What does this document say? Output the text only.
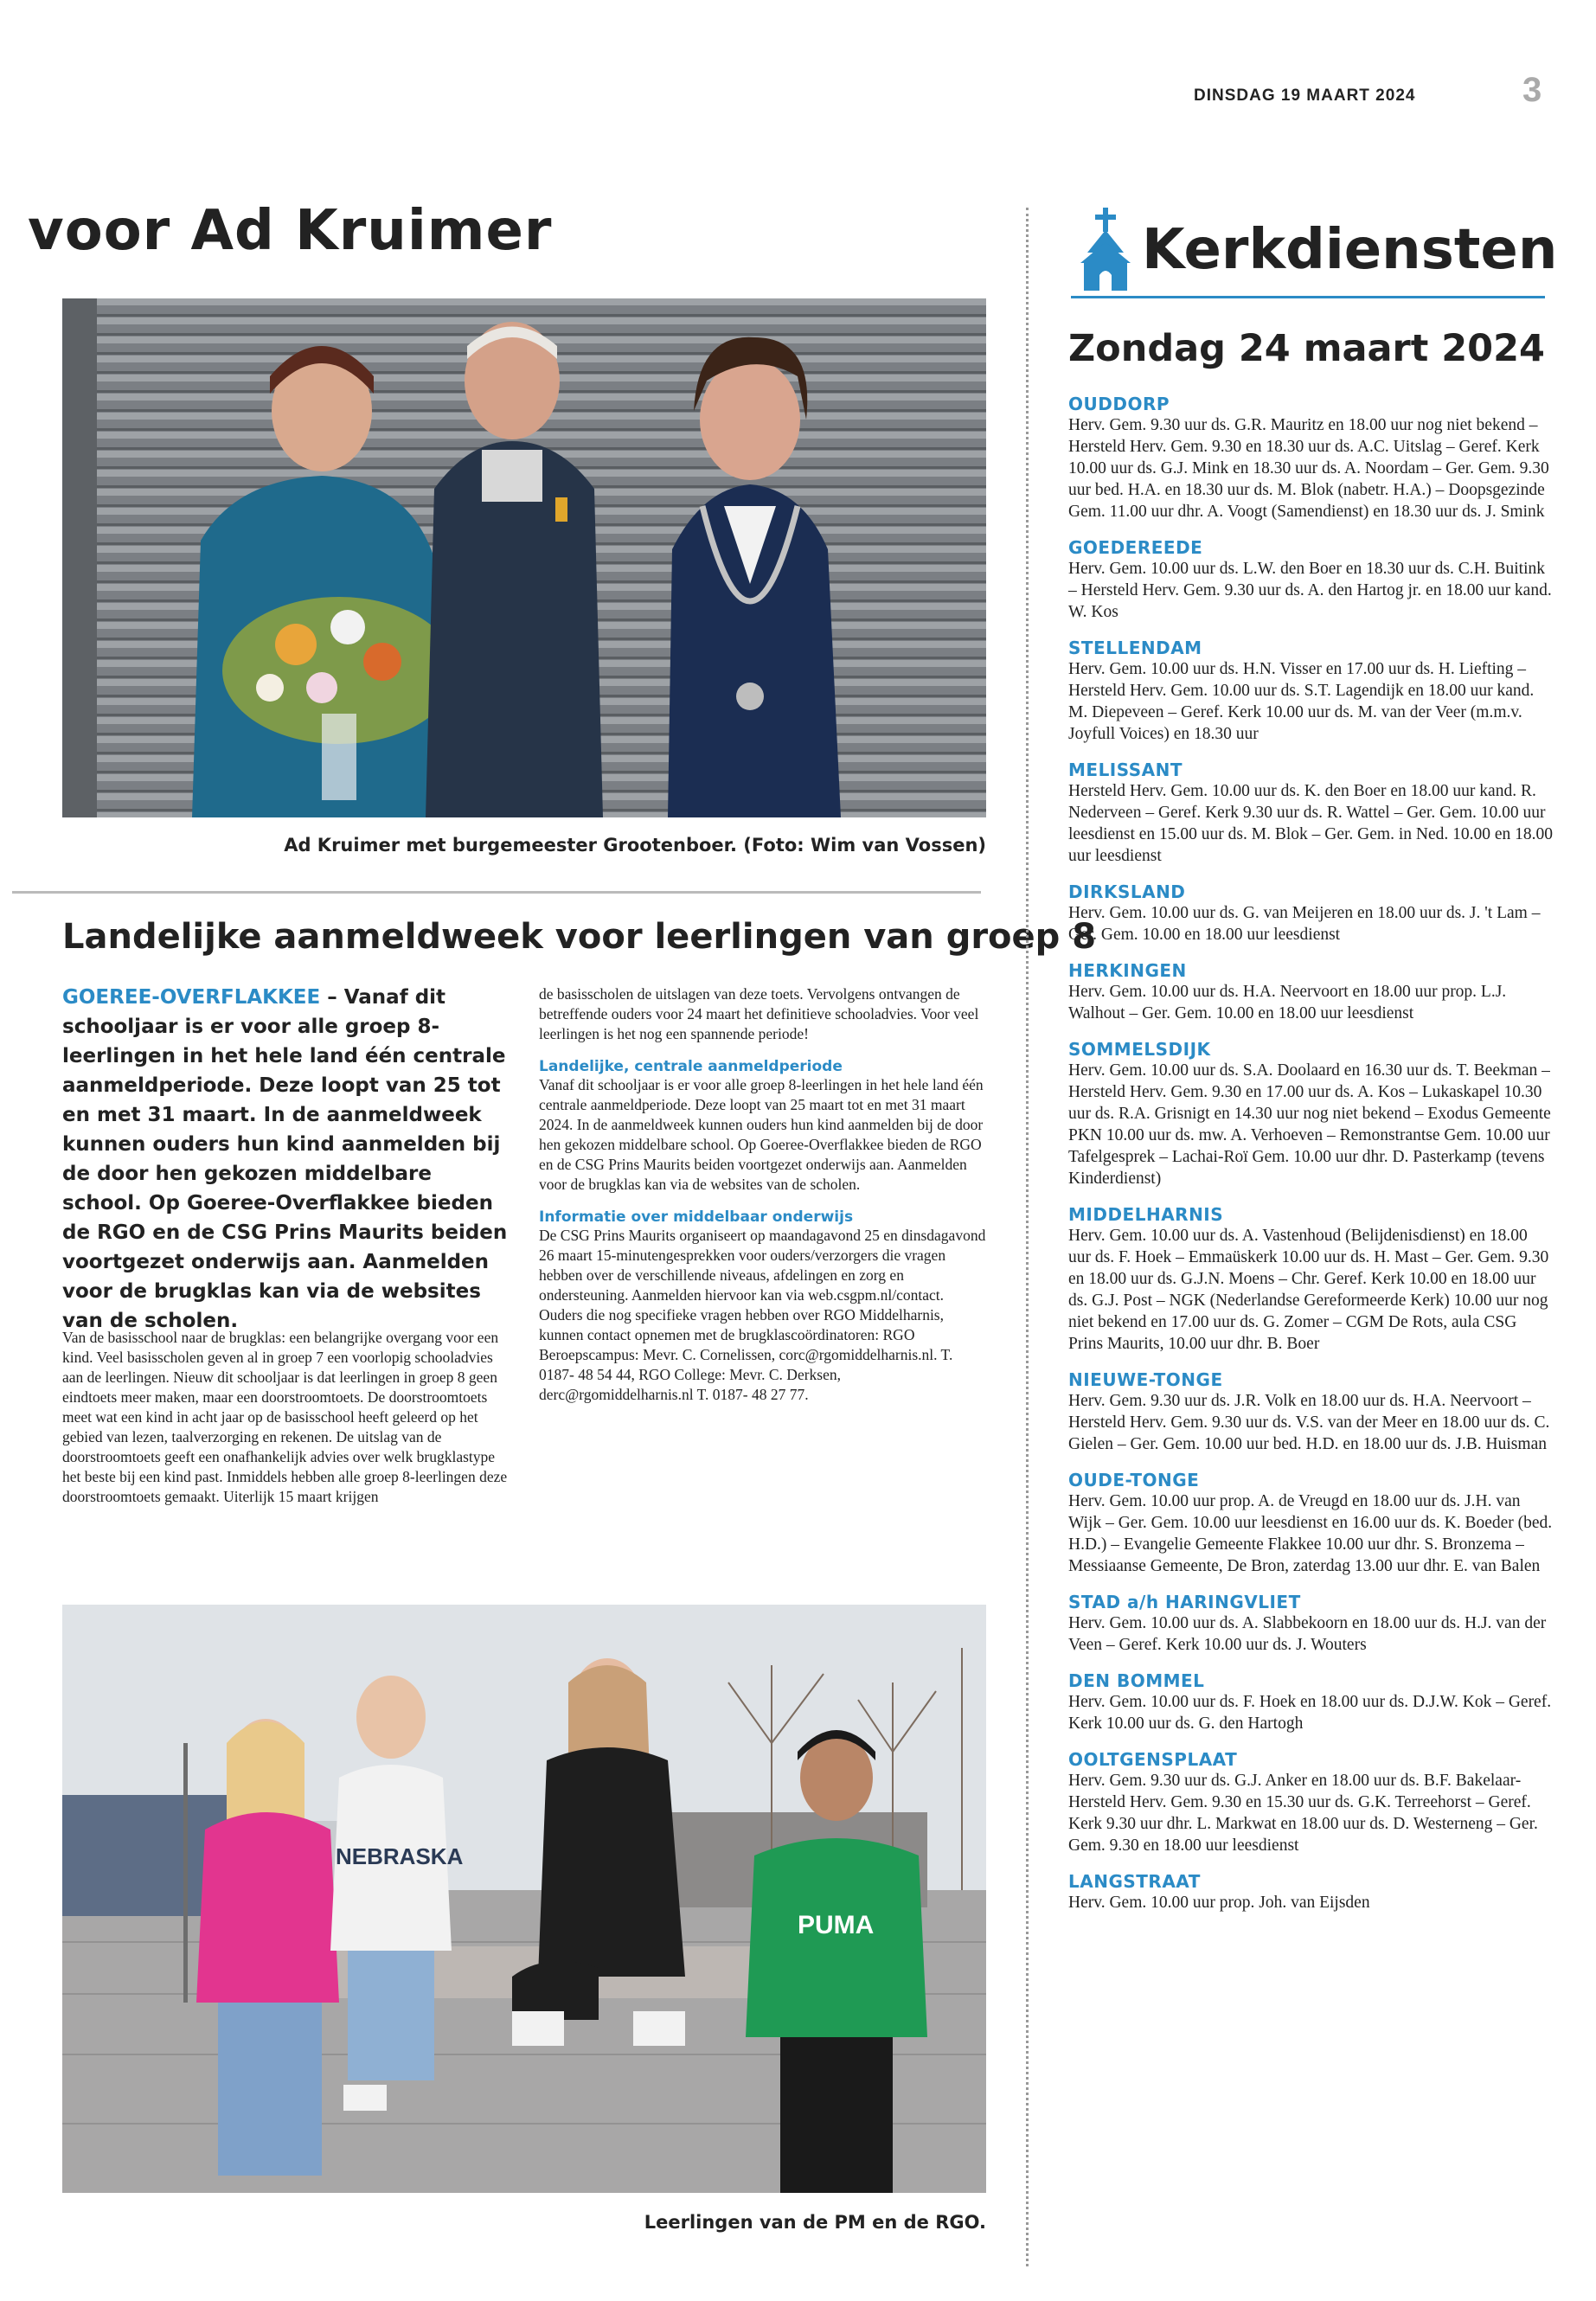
DINSDAG 19 MAART 2024	3
voor Ad Kruimer
Ad Kruimer met burgemeester Grootenboer. (Foto: Wim van Vossen)
Landelijke aanmeldweek voor leerlingen van groep 8
GOEREE-OVERFLAKKEE – Vanaf dit schooljaar is er voor alle groep 8-leerlingen in het hele land één centrale aanmeldperiode. Deze loopt van 25 tot en met 31 maart. In de aanmeldweek kunnen ouders hun kind aanmelden bij de door hen gekozen middelbare school. Op Goeree-Overflakkee bieden de RGO en de CSG Prins Maurits beiden voortgezet onderwijs aan. Aanmelden voor de brugklas kan via de websites van de scholen.
Van de basisschool naar de brugklas: een belangrijke overgang voor een kind. Veel basisscholen geven al in groep 7 een voorlopig schooladvies aan de leerlingen. Nieuw dit schooljaar is dat leerlingen in groep 8 geen eindtoets meer maken, maar een doorstroomtoets. De doorstroomtoets meet wat een kind in acht jaar op de basisschool heeft geleerd op het gebied van lezen, taalverzorging en rekenen. De uitslag van de doorstroomtoets geeft een onafhankelijk advies over welk brugklastype het beste bij een kind past. Inmiddels hebben alle groep 8-leerlingen deze doorstroomtoets gemaakt. Uiterlijk 15 maart krijgen
de basisscholen de uitslagen van deze toets. Vervolgens ontvangen de betreffende ouders voor 24 maart het definitieve schooladvies. Voor veel leerlingen is het nog een spannende periode!
Landelijke, centrale aanmeldperiode
Vanaf dit schooljaar is er voor alle groep 8-leerlingen in het hele land één centrale aanmeldperiode. Deze loopt van 25 maart tot en met 31 maart 2024. In de aanmeldweek kunnen ouders hun kind aanmelden bij de door hen gekozen middelbare school. Op Goeree-Overflakkee bieden de RGO en de CSG Prins Maurits beiden voortgezet onderwijs aan. Aanmelden voor de brugklas kan via de websites van de scholen.
Informatie over middelbaar onderwijs
De CSG Prins Maurits organiseert op maandagavond 25 en dinsdagavond 26 maart 15-minutengesprekken voor ouders/verzorgers die vragen hebben over de verschillende niveaus, afdelingen en zorg en ondersteuning. Aanmelden hiervoor kan via web.csgpm.nl/contact. Ouders die nog specifieke vragen hebben over RGO Middelharnis, kunnen contact opnemen met de brugklascoördinatoren: RGO Beroepscampus: Mevr. C. Cornelissen, corc@rgomiddelharnis.nl. T. 0187- 48 54 44, RGO College: Mevr. C. Derksen, derc@rgomiddelharnis.nl T. 0187- 48 27 77.
NEBRASKA
PUMA
Leerlingen van de PM en de RGO.
Kerkdiensten
Zondag 24 maart 2024
OUDDORP
Herv. Gem. 9.30 uur ds. G.R. Mauritz en 18.00 uur nog niet bekend – Hersteld Herv. Gem. 9.30 en 18.30 uur ds. A.C. Uitslag – Geref. Kerk 10.00 uur ds. G.J. Mink en 18.30 uur ds. A. Noordam – Ger. Gem. 9.30 uur bed. H.A. en 18.30 uur ds. M. Blok (nabetr. H.A.) – Doopsgezinde Gem. 11.00 uur dhr. A. Voogt (Samendienst) en 18.30 uur ds. J. Smink
GOEDEREEDE
Herv. Gem. 10.00 uur ds. L.W. den Boer en 18.30 uur ds. C.H. Buitink – Hersteld Herv. Gem. 9.30 uur ds. A. den Hartog jr. en 18.00 uur kand. W. Kos
STELLENDAM
Herv. Gem. 10.00 uur ds. H.N. Visser en 17.00 uur ds. H. Liefting – Hersteld Herv. Gem. 10.00 uur ds. S.T. Lagendijk en 18.00 uur kand. M. Diepeveen – Geref. Kerk 10.00 uur ds. M. van der Veer (m.m.v. Joyfull Voices) en 18.30 uur
MELISSANT
Hersteld Herv. Gem. 10.00 uur ds. K. den Boer en 18.00 uur kand. R. Nederveen – Geref. Kerk 9.30 uur ds. R. Wattel – Ger. Gem. 10.00 uur leesdienst en 15.00 uur ds. M. Blok – Ger. Gem. in Ned. 10.00 en 18.00 uur leesdienst
DIRKSLAND
Herv. Gem. 10.00 uur ds. G. van Meijeren en 18.00 uur ds. J. 't Lam – Ger. Gem. 10.00 en 18.00 uur leesdienst
HERKINGEN
Herv. Gem. 10.00 uur ds. H.A. Neervoort en 18.00 uur prop. L.J. Walhout – Ger. Gem. 10.00 en 18.00 uur leesdienst
SOMMELSDIJK
Herv. Gem. 10.00 uur ds. S.A. Doolaard en 16.30 uur ds. T. Beekman – Hersteld Herv. Gem. 9.30 en 17.00 uur ds. A. Kos – Lukaskapel 10.30 uur ds. R.A. Grisnigt en 14.30 uur nog niet bekend – Exodus Gemeente PKN 10.00 uur ds. mw. A. Verhoeven – Remonstrantse Gem. 10.00 uur Tafelgesprek – Lachai-Roï Gem. 10.00 uur dhr. D. Pasterkamp (tevens Kinderdienst)
MIDDELHARNIS
Herv. Gem. 10.00 uur ds. A. Vastenhoud (Belijdenisdienst) en 18.00 uur ds. F. Hoek – Emmaüskerk 10.00 uur ds. H. Mast – Ger. Gem. 9.30 en 18.00 uur ds. G.J.N. Moens – Chr. Geref. Kerk 10.00 en 18.00 uur ds. G.J. Post – NGK (Nederlandse Gereformeerde Kerk) 10.00 uur nog niet bekend en 17.00 uur ds. G. Zomer – CGM De Rots, aula CSG Prins Maurits, 10.00 uur dhr. B. Boer
NIEUWE-TONGE
Herv. Gem. 9.30 uur ds. J.R. Volk en 18.00 uur ds. H.A. Neervoort – Hersteld Herv. Gem. 9.30 uur ds. V.S. van der Meer en 18.00 uur ds. C. Gielen – Ger. Gem. 10.00 uur bed. H.D. en 18.00 uur ds. J.B. Huisman
OUDE-TONGE
Herv. Gem. 10.00 uur prop. A. de Vreugd en 18.00 uur ds. J.H. van Wijk – Ger. Gem. 10.00 uur leesdienst en 16.00 uur ds. K. Boeder (bed. H.D.) – Evangelie Gemeente Flakkee 10.00 uur dhr. S. Bronzema – Messiaanse Gemeente, De Bron, zaterdag 13.00 uur dhr. E. van Balen
STAD a/h HARINGVLIET
Herv. Gem. 10.00 uur ds. A. Slabbekoorn en 18.00 uur ds. H.J. van der Veen – Geref. Kerk 10.00 uur ds. J. Wouters
DEN BOMMEL
Herv. Gem. 10.00 uur ds. F. Hoek en 18.00 uur ds. D.J.W. Kok – Geref. Kerk 10.00 uur ds. G. den Hartogh
OOLTGENSPLAAT
Herv. Gem. 9.30 uur ds. G.J. Anker en 18.00 uur ds. B.F. Bakelaar- Hersteld Herv. Gem. 9.30 en 15.30 uur ds. G.K. Terreehorst – Geref. Kerk 9.30 uur dhr. L. Markwat en 18.00 uur ds. D. Westerneng – Ger. Gem. 9.30 en 18.00 uur leesdienst
LANGSTRAAT
Herv. Gem. 10.00 uur prop. Joh. van Eijsden
